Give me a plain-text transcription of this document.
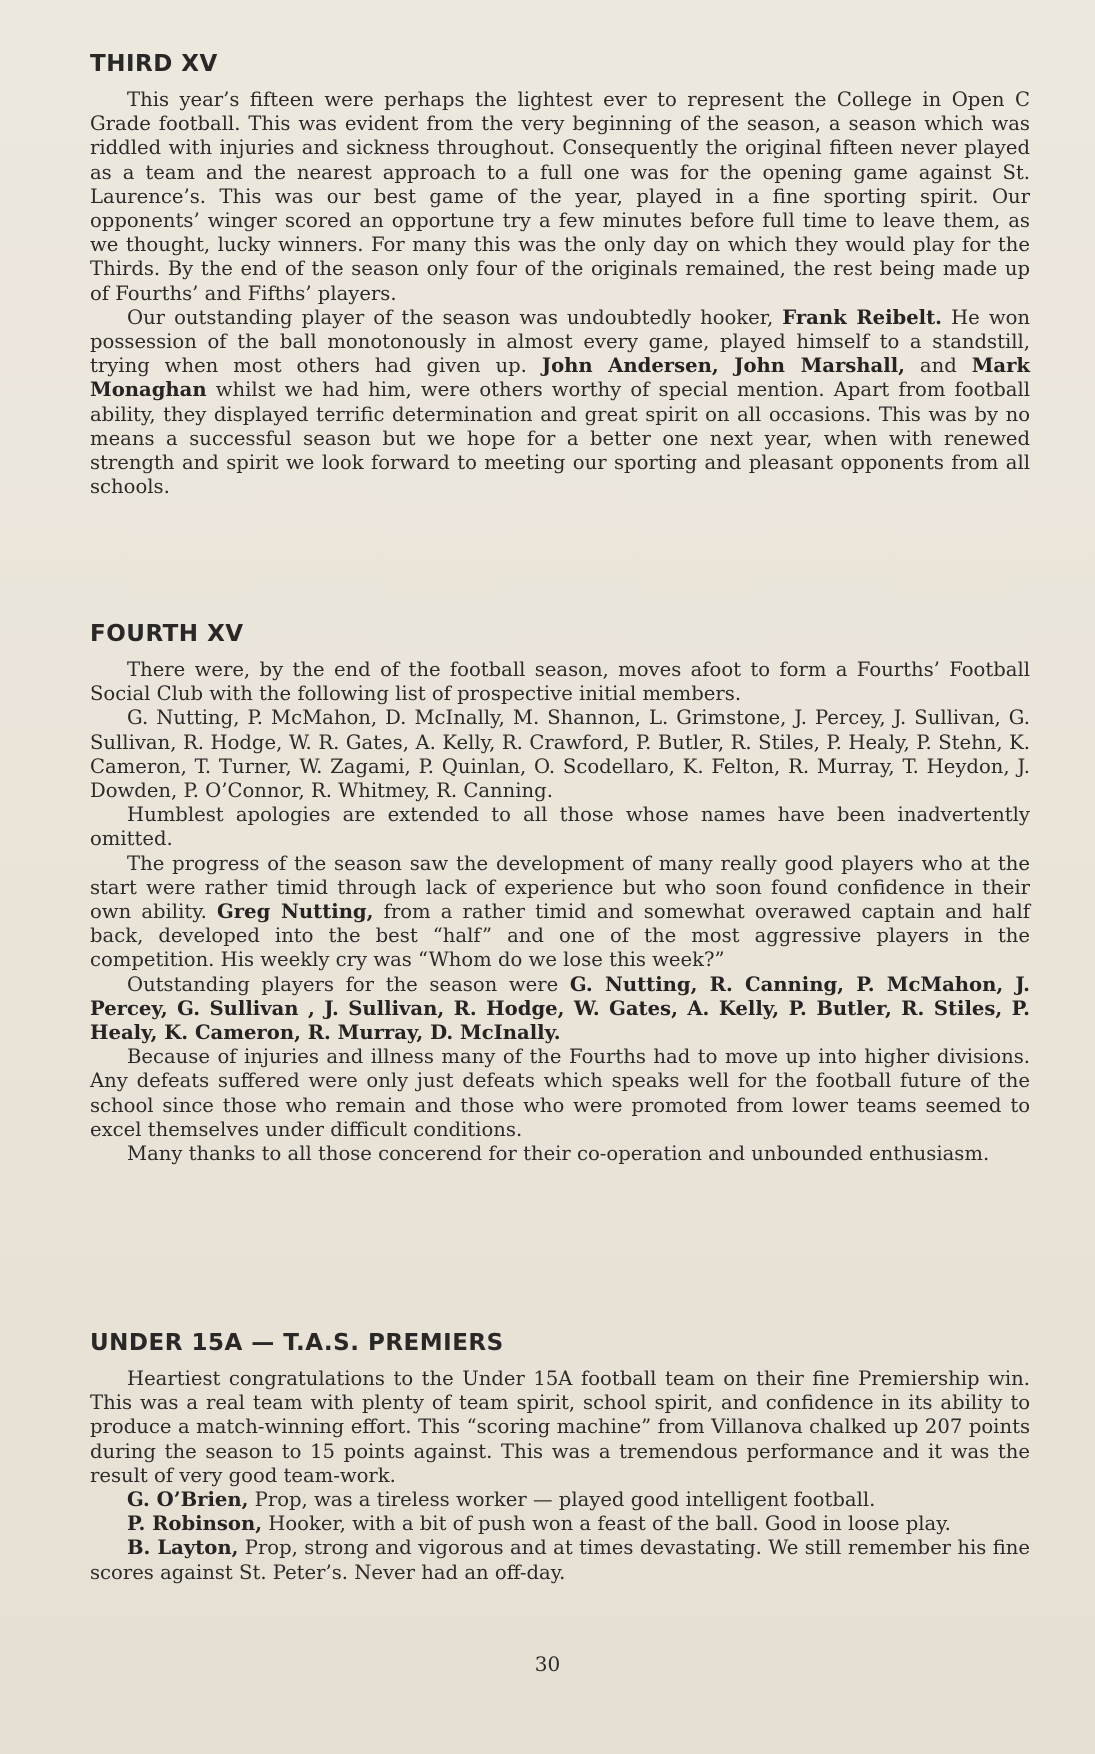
THIRD XV

This year’s fifteen were perhaps the lightest ever to represent the College in Open C Grade football. This was evident from the very beginning of the season, a season which was riddled with injuries and sickness throughout. Consequently the original fifteen never played as a team and the nearest approach to a full one was for the opening game against St. Laurence’s. This was our best game of the year, played in a fine sporting spirit. Our opponents’ winger scored an opportune try a few minutes before full time to leave them, as we thought, lucky winners. For many this was the only day on which they would play for the Thirds. By the end of the season only four of the originals remained, the rest being made up of Fourths’ and Fifths’ players.

Our outstanding player of the season was undoubtedly hooker, Frank Reibelt. He won possession of the ball monotonously in almost every game, played himself to a standstill, trying when most others had given up. John Andersen, John Marshall, and Mark Monaghan whilst we had him, were others worthy of special mention. Apart from football ability, they displayed terrific determination and great spirit on all occasions. This was by no means a successful season but we hope for a better one next year, when with renewed strength and spirit we look forward to meeting our sporting and pleasant opponents from all schools.

FOURTH XV

There were, by the end of the football season, moves afoot to form a Fourths’ Football Social Club with the following list of prospective initial members.

G. Nutting, P. McMahon, D. McInally, M. Shannon, L. Grimstone, J. Percey, J. Sullivan, G. Sullivan, R. Hodge, W. R. Gates, A. Kelly, R. Crawford, P. Butler, R. Stiles, P. Healy, P. Stehn, K. Cameron, T. Turner, W. Zagami, P. Quinlan, O. Scodellaro, K. Felton, R. Murray, T. Heydon, J. Dowden, P. O’Connor, R. Whitmey, R. Canning.

Humblest apologies are extended to all those whose names have been inadvertently omitted.

The progress of the season saw the development of many really good players who at the start were rather timid through lack of experience but who soon found confidence in their own ability. Greg Nutting, from a rather timid and somewhat overawed captain and half back, developed into the best “half” and one of the most aggressive players in the competition. His weekly cry was “Whom do we lose this week?”

Outstanding players for the season were G. Nutting, R. Canning, P. McMahon, J. Percey, G. Sullivan , J. Sullivan, R. Hodge, W. Gates, A. Kelly, P. Butler, R. Stiles, P. Healy, K. Cameron, R. Murray, D. McInally.

Because of injuries and illness many of the Fourths had to move up into higher divisions. Any defeats suffered were only just defeats which speaks well for the football future of the school since those who remain and those who were promoted from lower teams seemed to excel themselves under difficult conditions.

Many thanks to all those concerend for their co-operation and unbounded enthusiasm.

UNDER 15A — T.A.S. PREMIERS

Heartiest congratulations to the Under 15A football team on their fine Premiership win. This was a real team with plenty of team spirit, school spirit, and confidence in its ability to produce a match-winning effort. This “scoring machine” from Villanova chalked up 207 points during the season to 15 points against. This was a tremendous performance and it was the result of very good team-work.

G. O’Brien, Prop, was a tireless worker — played good intelligent football.

P. Robinson, Hooker, with a bit of push won a feast of the ball. Good in loose play.

B. Layton, Prop, strong and vigorous and at times devastating. We still remember his fine scores against St. Peter’s. Never had an off-day.

30
